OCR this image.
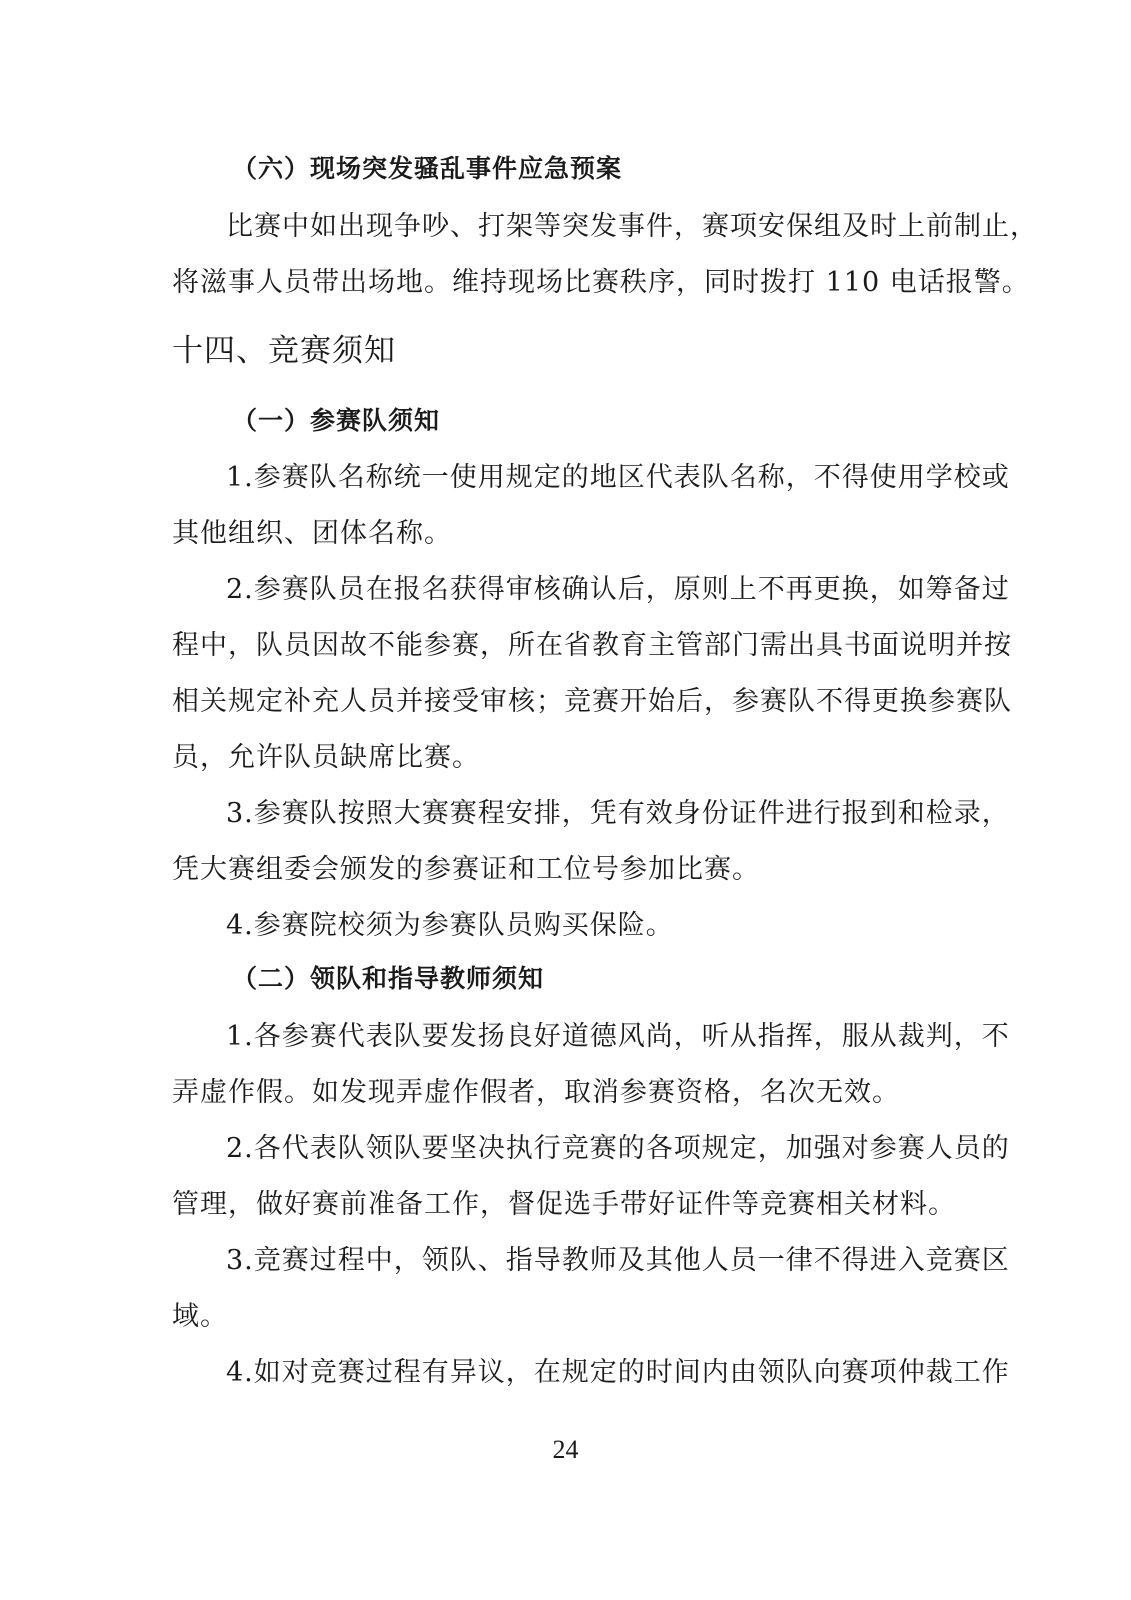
（六）现场突发骚乱事件应急预案
比赛中如出现争吵、打架等突发事件，赛项安保组及时上前制止，
将滋事人员带出场地。维持现场比赛秩序，同时拨打 110 电话报警。
十四、竞赛须知
（一）参赛队须知
1.参赛队名称统一使用规定的地区代表队名称，不得使用学校或
其他组织、团体名称。
2.参赛队员在报名获得审核确认后，原则上不再更换，如筹备过
程中，队员因故不能参赛，所在省教育主管部门需出具书面说明并按
相关规定补充人员并接受审核；竞赛开始后，参赛队不得更换参赛队
员，允许队员缺席比赛。
3.参赛队按照大赛赛程安排，凭有效身份证件进行报到和检录，
凭大赛组委会颁发的参赛证和工位号参加比赛。
4.参赛院校须为参赛队员购买保险。
（二）领队和指导教师须知
1.各参赛代表队要发扬良好道德风尚，听从指挥，服从裁判，不
弄虚作假。如发现弄虚作假者，取消参赛资格，名次无效。
2.各代表队领队要坚决执行竞赛的各项规定，加强对参赛人员的
管理，做好赛前准备工作，督促选手带好证件等竞赛相关材料。
3.竞赛过程中，领队、指导教师及其他人员一律不得进入竞赛区
域。
4.如对竞赛过程有异议，在规定的时间内由领队向赛项仲裁工作
24
